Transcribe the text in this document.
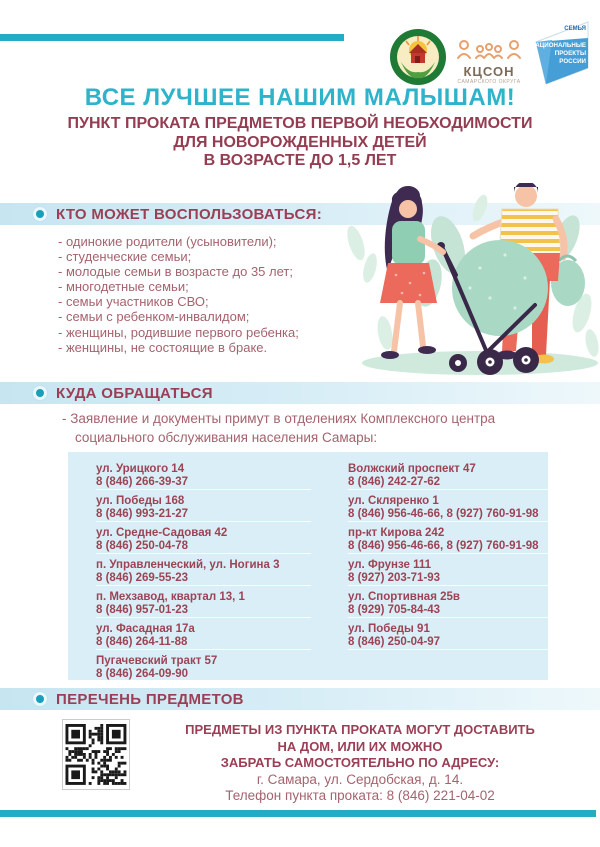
КЦСОН
САМАРСКОГО ОКРУГА
СЕМЬЯ
НАЦИОНАЛЬНЫЕ
ПРОЕКТЫ
РОССИИ
ВСЕ ЛУЧШЕЕ НАШИМ МАЛЫШАМ!
ПУНКТ ПРОКАТА ПРЕДМЕТОВ ПЕРВОЙ НЕОБХОДИМОСТИ
ДЛЯ НОВОРОЖДЕННЫХ ДЕТЕЙ
В ВОЗРАСТЕ ДО 1,5 ЛЕТ
КТО МОЖЕТ ВОСПОЛЬЗОВАТЬСЯ:
- одинокие родители (усыновители);
- студенческие семьи;
- молодые семьи в возрасте до 35 лет;
- многодетные семьи;
- семьи участников СВО;
- семьи с ребенком-инвалидом;
- женщины, родившие первого ребенка;
- женщины, не состоящие в браке.
КУДА ОБРАЩАТЬСЯ
- Заявление и документы примут в отделениях Комплексного центра
социального обслуживания населения Самары:
ул. Урицкого 14
8 (846) 266-39-37
ул. Победы 168
8 (846) 993-21-27
ул. Средне-Садовая 42
8 (846) 250-04-78
п. Управленческий, ул. Ногина 3
8 (846) 269-55-23
п. Мехзавод, квартал 13, 1
8 (846) 957-01-23
ул. Фасадная 17а
8 (846) 264-11-88
Пугачевский тракт 57
8 (846) 264-09-90
Волжский проспект 47
8 (846) 242-27-62
ул. Скляренко 1
8 (846) 956-46-66, 8 (927) 760-91-98
пр-кт Кирова 242
8 (846) 956-46-66, 8 (927) 760-91-98
ул. Фрунзе 111
8 (927) 203-71-93
ул. Спортивная 25в
8 (929) 705-84-43
ул. Победы 91
8 (846) 250-04-97
ПЕРЕЧЕНЬ ПРЕДМЕТОВ
ПРЕДМЕТЫ ИЗ ПУНКТА ПРОКАТА МОГУТ ДОСТАВИТЬ
НА ДОМ, ИЛИ ИХ МОЖНО
ЗАБРАТЬ САМОСТОЯТЕЛЬНО ПО АДРЕСУ:
г. Самара, ул. Сердобская, д. 14.
Телефон пункта проката: 8 (846) 221-04-02
